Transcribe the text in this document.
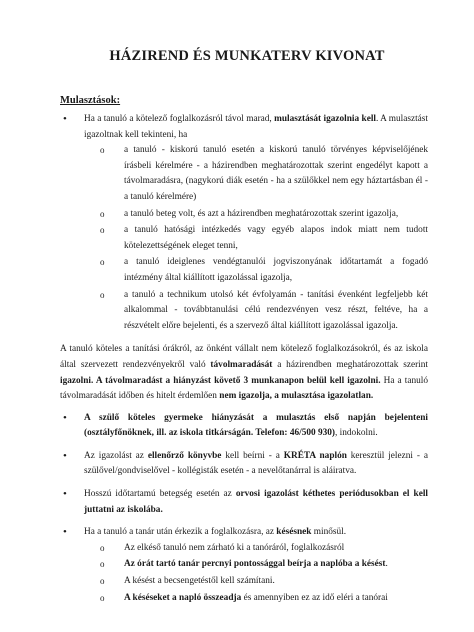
HÁZIREND ÉS MUNKATERV KIVONAT
Mulasztások:
• Ha a tanuló a kötelező foglalkozásról távol marad, mulasztását igazolnia kell. A mulasztást igazoltnak kell tekinteni, ha
o a tanuló - kiskorú tanuló esetén a kiskorú tanuló törvényes képviselőjének írásbeli kérelmére - a házirendben meghatározottak szerint engedélyt kapott a távolmaradásra, (nagykorú diák esetén - ha a szülőkkel nem egy háztartásban él - a tanuló kérelmére)
o a tanuló beteg volt, és azt a házirendben meghatározottak szerint igazolja,
o a tanuló hatósági intézkedés vagy egyéb alapos indok miatt nem tudott kötelezettségének eleget tenni,
o a tanuló ideiglenes vendégtanulói jogviszonyának időtartamát a fogadó intézmény által kiállított igazolással igazolja,
o a tanuló a technikum utolsó két évfolyamán - tanítási évenként legfeljebb két alkalommal - továbbtanulási célú rendezvényen vesz részt, feltéve, ha a részvételt előre bejelenti, és a szervező által kiállított igazolással igazolja.

A tanuló köteles a tanítási órákról, az önként vállalt nem kötelező foglalkozásokról, és az iskola által szervezett rendezvényekről való távolmaradását a házirendben meghatározottak szerint igazolni. A távolmaradást a hiányzást követő 3 munkanapon belül kell igazolni. Ha a tanuló távolmaradását időben és hitelt érdemlően nem igazolja, a mulasztása igazolatlan.

• A szülő köteles gyermeke hiányzását a mulasztás első napján bejelenteni (osztályfőnöknek, ill. az iskola titkárságán. Telefon: 46/500 930), indokolni.
• Az igazolást az ellenőrző könyvbe kell beírni - a KRÉTA naplón keresztül jelezni - a szülővel/gondviselővel - kollégisták esetén - a nevelőtanárral is aláiratva.
• Hosszú időtartamú betegség esetén az orvosi igazolást kéthetes periódusokban el kell juttatni az iskolába.
• Ha a tanuló a tanár után érkezik a foglalkozásra, az késésnek minősül.
o Az elkéső tanuló nem zárható ki a tanóráról, foglalkozásról
o Az órát tartó tanár percnyi pontossággal beírja a naplóba a késést.
o A késést a becsengetéstől kell számítani.
o A késéseket a napló összeadja és amennyiben ez az idő eléri a tanórai
